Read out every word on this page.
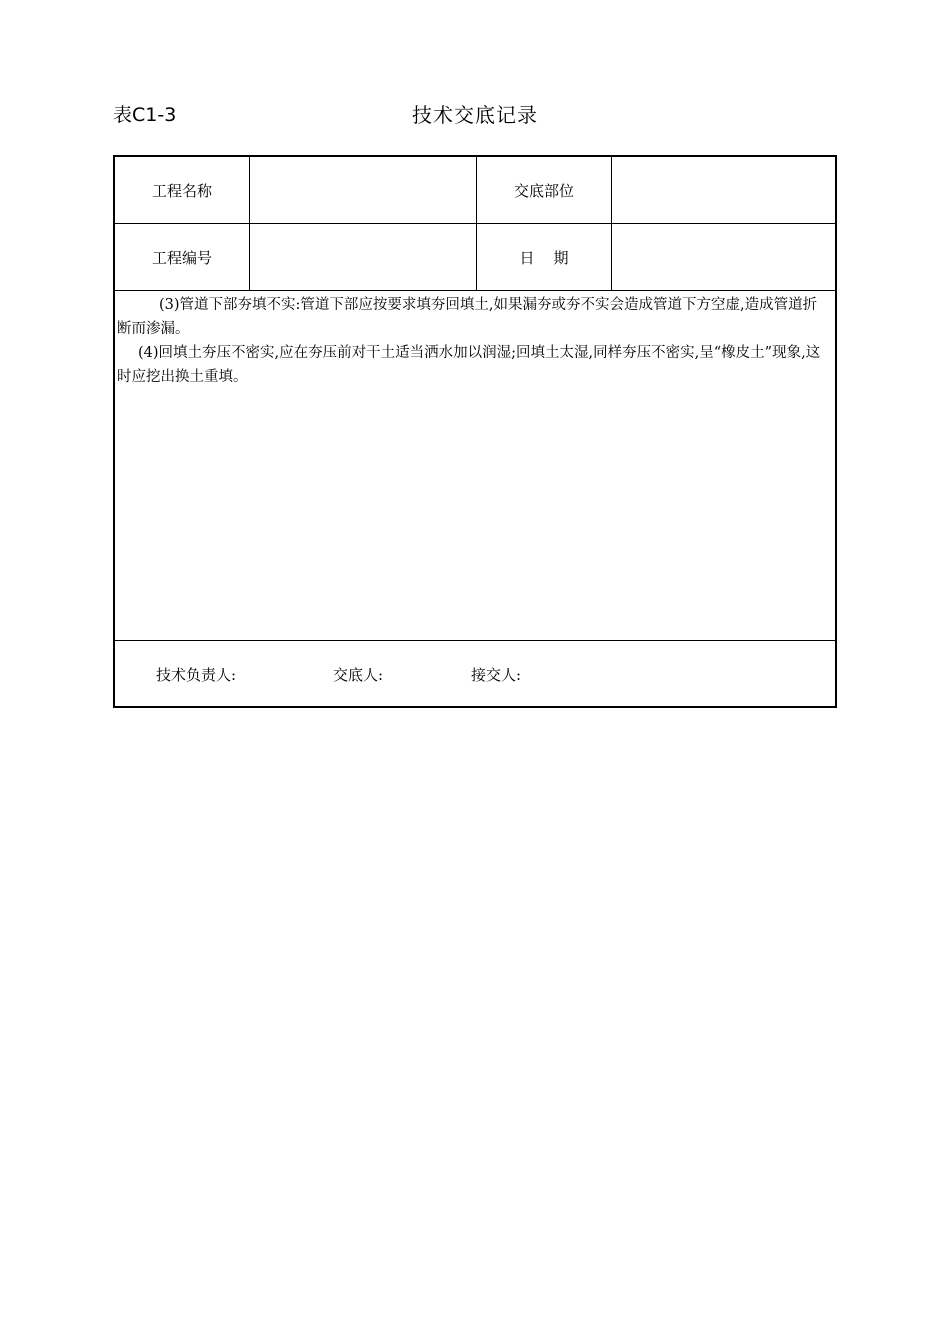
表C1-3	技术交底记录
工程名称	交底部位
工程编号	日    期

(3)管道下部夯填不实:管道下部应按要求填夯回填土,如果漏夯或夯不实会造成管道下方空虚,造成管道折断而渗漏。

(4)回填土夯压不密实,应在夯压前对干土适当洒水加以润湿;回填土太湿,同样夯压不密实,呈“橡皮土”现象,这时应挖出换土重填。

技术负责人:	交底人:	接交人:
